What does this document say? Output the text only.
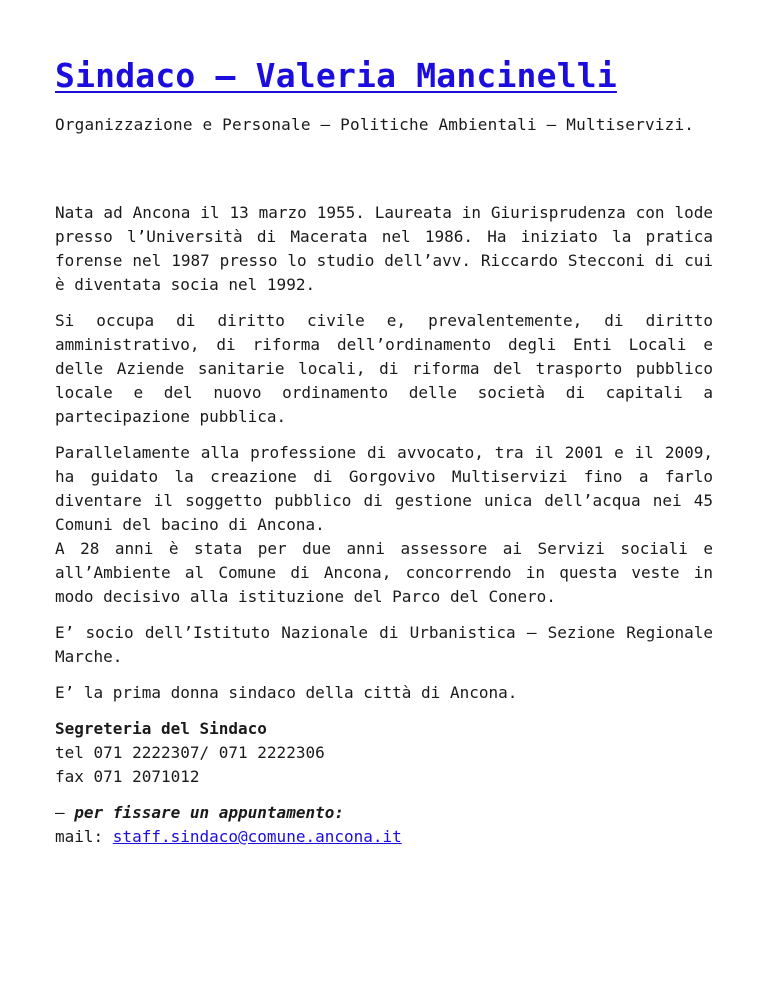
Sindaco – Valeria Mancinelli

Organizzazione e Personale – Politiche Ambientali – Multiservizi.

Nata ad Ancona il 13 marzo 1955. Laureata in Giurisprudenza con lode presso l’Università di Macerata nel 1986. Ha iniziato la pratica forense nel 1987 presso lo studio dell’avv. Riccardo Stecconi di cui è diventata socia nel 1992.

Si occupa di diritto civile e, prevalentemente, di diritto amministrativo, di riforma dell’ordinamento degli Enti Locali e delle Aziende sanitarie locali, di riforma del trasporto pubblico locale e del nuovo ordinamento delle società di capitali a partecipazione pubblica.

Parallelamente alla professione di avvocato, tra il 2001 e il 2009, ha guidato la creazione di Gorgovivo Multiservizi fino a farlo diventare il soggetto pubblico di gestione unica dell’acqua nei 45 Comuni del bacino di Ancona.
A 28 anni è stata per due anni assessore ai Servizi sociali e all’Ambiente al Comune di Ancona, concorrendo in questa veste in modo decisivo alla istituzione del Parco del Conero.

E’ socio dell’Istituto Nazionale di Urbanistica – Sezione Regionale Marche.

E’ la prima donna sindaco della città di Ancona.

Segreteria del Sindaco
tel 071 2222307/ 071 2222306
fax 071 2071012

– per fissare un appuntamento:
mail: staff.sindaco@comune.ancona.it
